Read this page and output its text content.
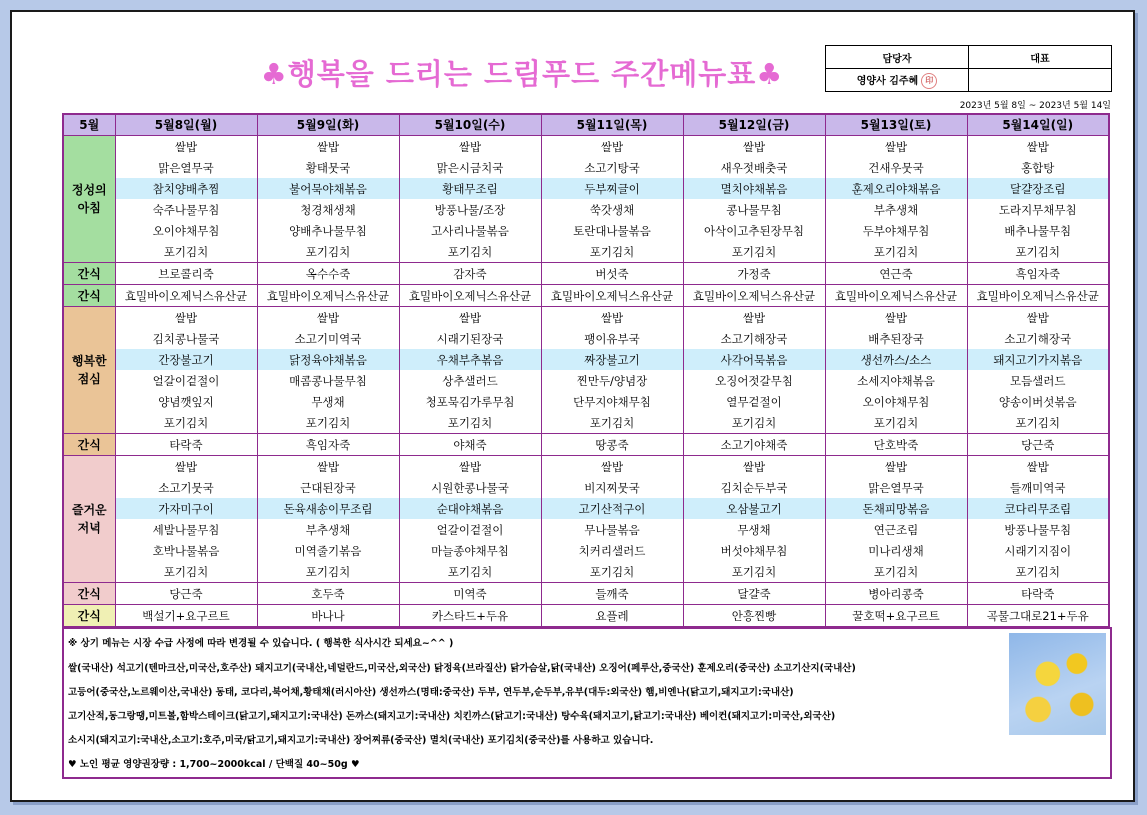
♣행복을 드리는 드림푸드 주간메뉴표♣	담당자	대표
영양사 김주혜 印	
2023년 5월 8일 ~ 2023년 5월 14일
5월	5월8일(월)	5월9일(화)	5월10일(수)	5월11일(목)	5월12일(금)	5월13일(토)	5월14일(일)

정성의
아침	쌀밥	쌀밥	쌀밥	쌀밥	쌀밥	쌀밥	쌀밥
	맑은열무국	황태뭇국	맑은시금치국	소고기탕국	새우젓배춧국	건새우뭇국	홍합탕
	참치양배추찜	불어묵야채볶음	황태무조림	두부찌글이	멸치야채볶음	훈제오리야채볶음	달걀장조림
	숙주나물무침	청경채생채	방풍나물/조장	쑥갓생채	콩나물무침	부추생채	도라지무채무침
	오이야채무침	양배추나물무침	고사리나물볶음	토란대나물볶음	아삭이고추된장무침	두부야채무침	배추나물무침
	포기김치	포기김치	포기김치	포기김치	포기김치	포기김치	포기김치
간식	브로콜리죽	옥수수죽	감자죽	버섯죽	가정죽	연근죽	흑임자죽
간식	효밀바이오제닉스유산균	효밀바이오제닉스유산균	효밀바이오제닉스유산균	효밀바이오제닉스유산균	효밀바이오제닉스유산균	효밀바이오제닉스유산균	효밀바이오제닉스유산균

행복한
점심	쌀밥	쌀밥	쌀밥	쌀밥	쌀밥	쌀밥	쌀밥
	김치콩나물국	소고기미역국	시래기된장국	팽이유부국	소고기해장국	배추된장국	소고기해장국
	간장불고기	닭정육야채볶음	우채부추볶음	짜장불고기	사각어묵볶음	생선까스/소스	돼지고기가지볶음
	얼갈이겉절이	매콤콩나물무침	상추샐러드	찐만두/양념장	오징어젓갈무침	소세지야채볶음	모듬샐러드
	양념깻잎지	무생채	청포묵김가루무침	단무지야채무침	열무겉절이	오이야채무침	양송이버섯볶음
	포기김치	포기김치	포기김치	포기김치	포기김치	포기김치	포기김치
간식	타락죽	흑임자죽	야채죽	땅콩죽	소고기야채죽	단호박죽	당근죽

즐거운
저녁	쌀밥	쌀밥	쌀밥	쌀밥	쌀밥	쌀밥	쌀밥
	소고기뭇국	근대된장국	시원한콩나물국	비지찌뭇국	김치순두부국	맑은열무국	들깨미역국
	가자미구이	돈육새송이무조림	순대야채볶음	고기산적구이	오삼불고기	돈채피망볶음	코다리무조림
	세발나물무침	부추생채	얼갈이겉절이	무나물볶음	무생채	연근조림	방풍나물무침
	호박나물볶음	미역줄기볶음	마늘종야채무침	치커리샐러드	버섯야채무침	미나리생채	시래기지짐이
	포기김치	포기김치	포기김치	포기김치	포기김치	포기김치	포기김치
간식	당근죽	호두죽	미역죽	들깨죽	달걀죽	병아리콩죽	타락죽
간식	백설기+요구르트	바나나	카스타드+두유	요플레	안흥찐빵	꿀호떡+요구르트	곡물그대로21+두유
※ 상기 메뉴는 시장 수급 사정에 따라 변경될 수 있습니다. ( 행복한 식사시간 되세요~^^ )
쌀(국내산) 석고기(텐마크산,미국산,호주산) 돼지고기(국내산,네덜란드,미국산,외국산) 닭정육(브라질산) 닭가슴살,닭(국내산) 오징어(페루산,중국산) 훈제오리(중국산) 소고기산지(국내산)
고등어(중국산,노르웨이산,국내산) 동태, 코다리,북어채,황태채(러시아산) 생선까스(명태:중국산) 두부, 연두부,순두부,유부(대두:외국산) 햄,비엔나(닭고기,돼지고기:국내산)
고기산적,동그랑땡,미트볼,함박스테이크(닭고기,돼지고기:국내산) 돈까스(돼지고기:국내산) 치킨까스(닭고기:국내산) 탕수육(돼지고기,닭고기:국내산) 베이컨(돼지고기:미국산,외국산)
소시지(돼지고기:국내산,소고기:호주,미국/닭고기,돼지고기:국내산) 장어찌류(중국산) 멸치(국내산) 포기김치(중국산)를 사용하고 있습니다.
♥ 노인 평균 영양권장량 : 1,700~2000kcal / 단백질 40~50g ♥
